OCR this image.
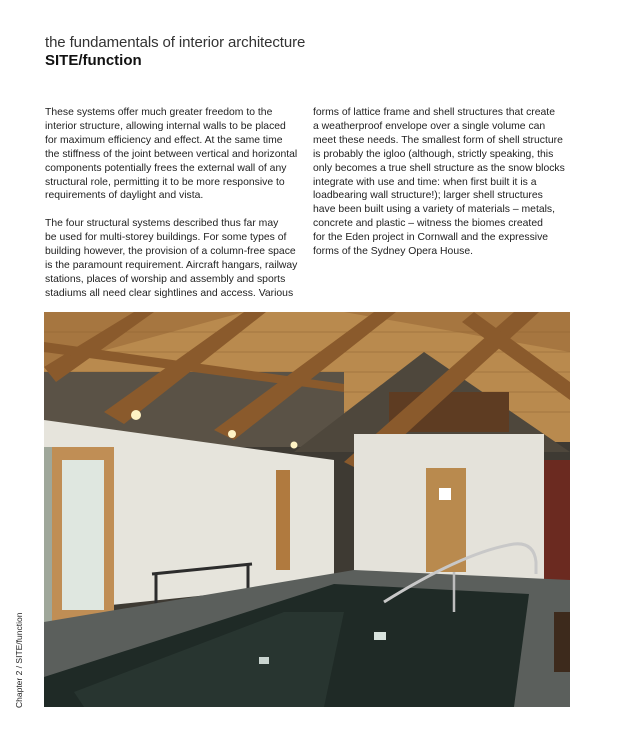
the fundamentals of interior architecture
SITE/function

These systems offer much greater freedom to the
interior structure, allowing internal walls to be placed
for maximum efficiency and effect. At the same time
the stiffness of the joint between vertical and horizontal
components potentially frees the external wall of any
structural role, permitting it to be more responsive to
requirements of daylight and vista.

The four structural systems described thus far may
be used for multi-storey buildings. For some types of
building however, the provision of a column-free space
is the paramount requirement. Aircraft hangars, railway
stations, places of worship and assembly and sports
stadiums all need clear sightlines and access. Various

forms of lattice frame and shell structures that create
a weatherproof envelope over a single volume can
meet these needs. The smallest form of shell structure
is probably the igloo (although, strictly speaking, this
only becomes a true shell structure as the snow blocks
integrate with use and time: when first built it is a
loadbearing wall structure!); larger shell structures
have been built using a variety of materials – metals,
concrete and plastic – witness the biomes created
for the Eden project in Cornwall and the expressive
forms of the Sydney Opera House.

Chapter 2 / SITE/function
